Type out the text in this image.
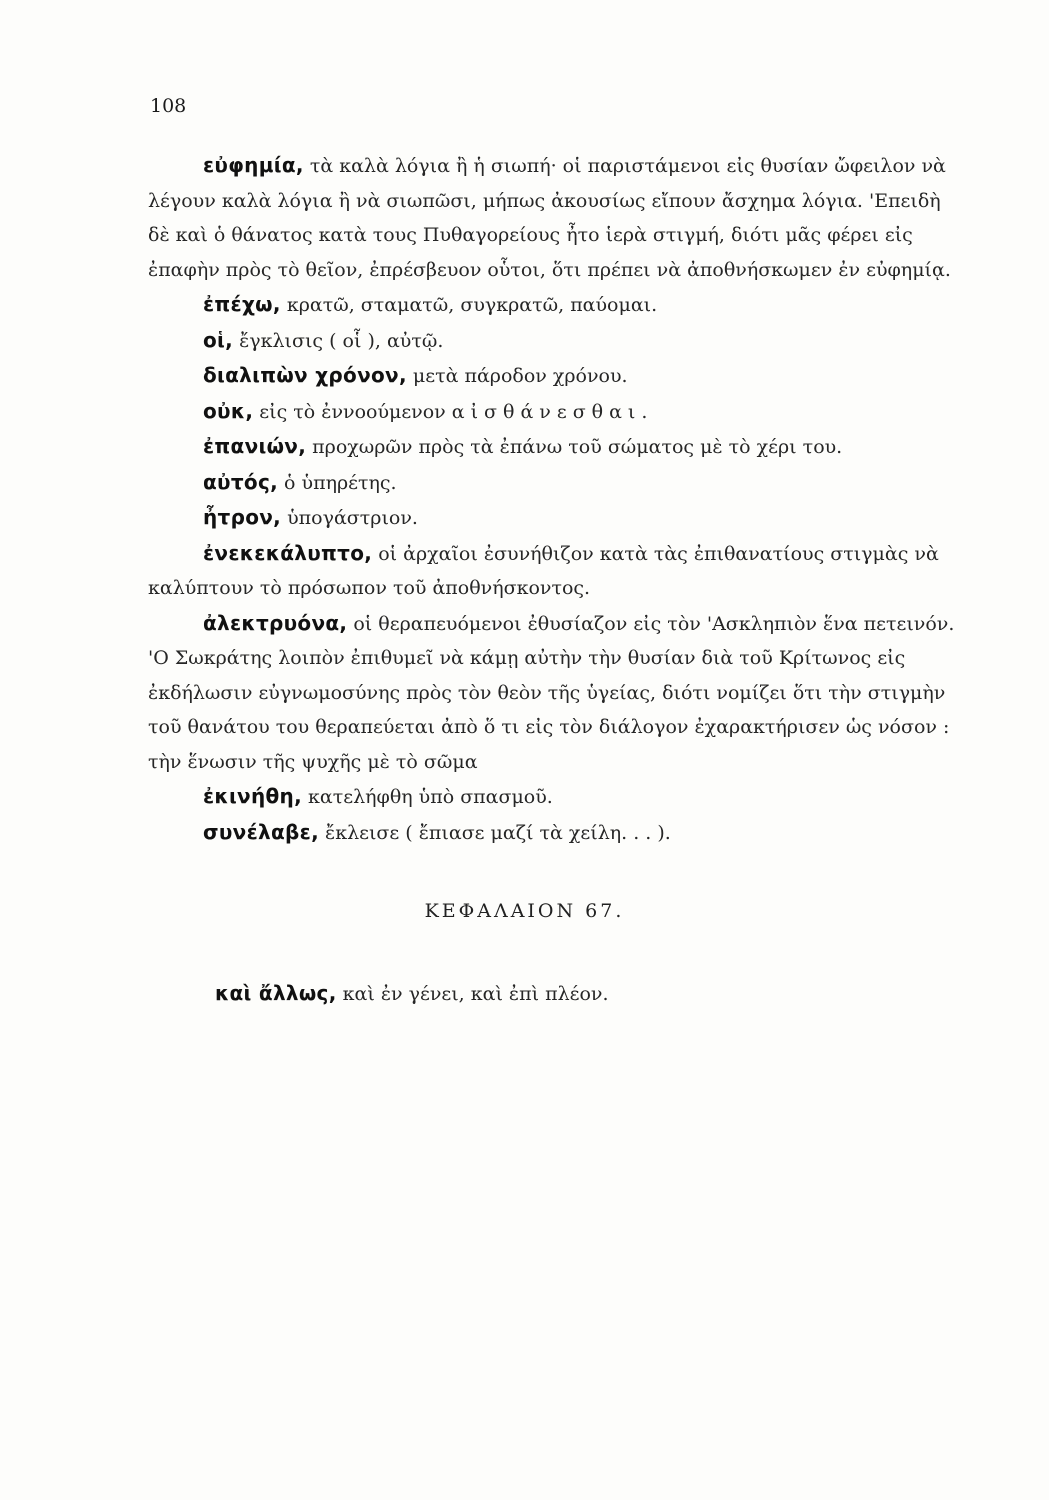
108

εὐφημία, τὰ καλὰ λόγια ἢ ἡ σιωπή· οἱ παριστάμενοι εἰς θυσίαν ὤφειλον νὰ λέγουν καλὰ λόγια ἢ νὰ σιωπῶσι, μήπως ἀκουσίως εἴπουν ἄσχημα λόγια. 'Επειδὴ δὲ καὶ ὁ θάνατος κατὰ τους Πυθαγορείους ἦτο ἱερὰ στιγμή, διότι μᾶς φέρει εἰς ἐπαφὴν πρὸς τὸ θεῖον, ἐπρέσβευον οὗτοι, ὅτι πρέπει νὰ ἀποθνήσκωμεν ἐν εὐφημίᾳ.

ἐπέχω, κρατῶ, σταματῶ, συγκρατῶ, παύομαι.

οἱ, ἔγκλισις ( οἷ ), αὐτῷ.

διαλιπὼν χρόνον, μετὰ πάροδον χρόνου.

οὐκ, εἰς τὸ ἐννοούμενον αἰσθάνεσθαι.

ἐπανιών, προχωρῶν πρὸς τὰ ἐπάνω τοῦ σώματος μὲ τὸ χέρι του.

αὐτός, ὁ ὑπηρέτης.

ἦτρον, ὑπογάστριον.

ἐνεκεκάλυπτο, οἱ ἀρχαῖοι ἐσυνήθιζον κατὰ τὰς ἐπιθανατίους στιγμὰς νὰ καλύπτουν τὸ πρόσωπον τοῦ ἀποθνήσκοντος.

ἀλεκτρυόνα, οἱ θεραπευόμενοι ἐθυσίαζον εἰς τὸν 'Ασκληπιὸν ἕνα πετεινόν. 'Ο Σωκράτης λοιπὸν ἐπιθυμεῖ νὰ κάμῃ αὐτὴν τὴν θυσίαν διὰ τοῦ Κρίτωνος εἰς ἐκδήλωσιν εὐγνωμοσύνης πρὸς τὸν θεὸν τῆς ὑγείας, διότι νομίζει ὅτι τὴν στιγμὴν τοῦ θανάτου του θεραπεύεται ἀπὸ ὅ τι εἰς τὸν διάλογον ἐχαρακτήρισεν ὡς νόσον : τὴν ἕνωσιν τῆς ψυχῆς μὲ τὸ σῶμα

ἐκινήθη, κατελήφθη ὑπὸ σπασμοῦ.

συνέλαβε, ἔκλεισε ( ἔπιασε μαζί τὰ χείλη. . . ).

ΚΕΦΑΛΑΙΟΝ 67.

καὶ ἄλλως, καὶ ἐν γένει, καὶ ἐπὶ πλέον.
